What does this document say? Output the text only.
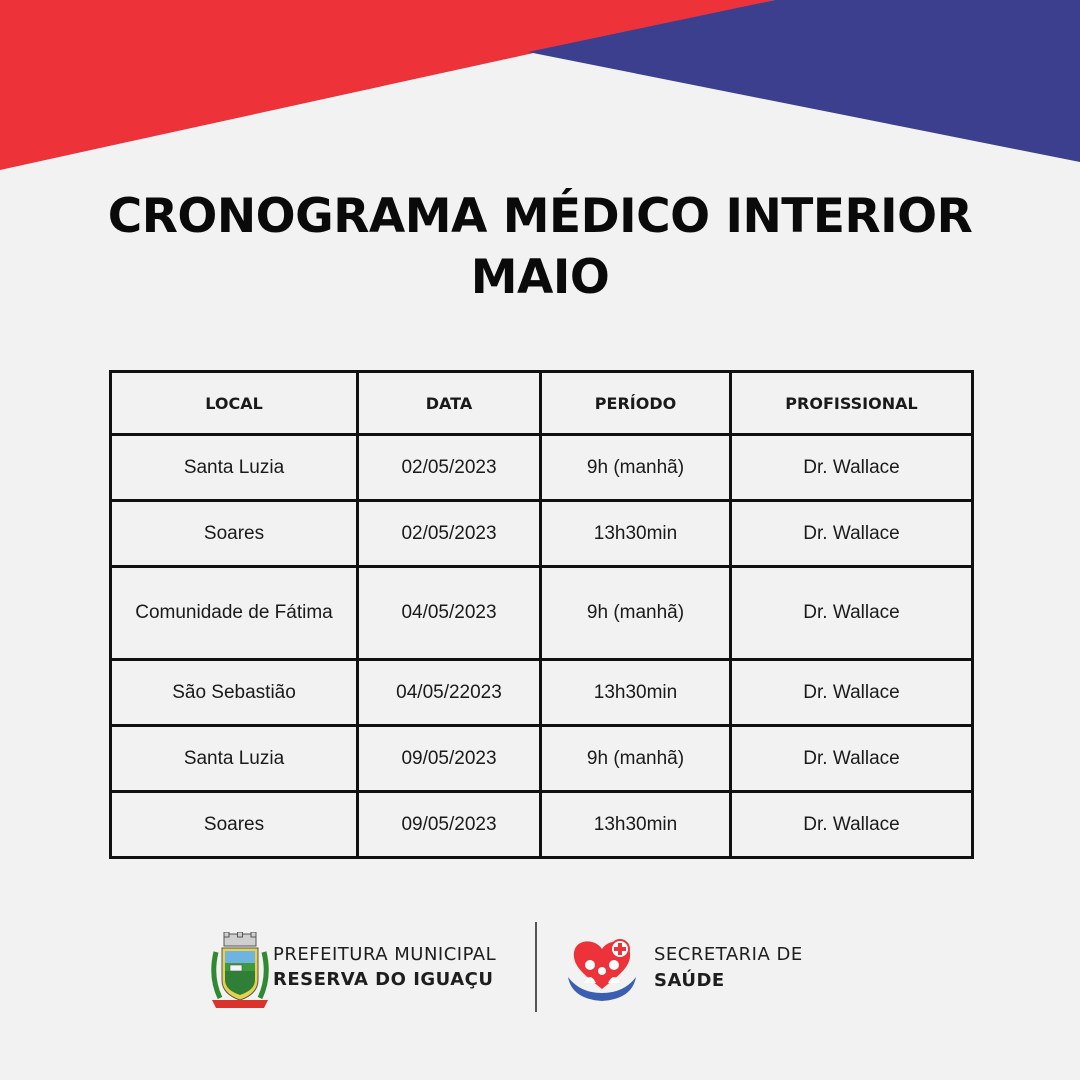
CRONOGRAMA MÉDICO INTERIOR
MAIO
LOCAL	DATA	PERÍODO	PROFISSIONAL
Santa Luzia	02/05/2023	9h (manhã)	Dr. Wallace
Soares	02/05/2023	13h30min	Dr. Wallace
Comunidade de Fátima	04/05/2023	9h (manhã)	Dr. Wallace
São Sebastião	04/05/22023	13h30min	Dr. Wallace
Santa Luzia	09/05/2023	9h (manhã)	Dr. Wallace
Soares	09/05/2023	13h30min	Dr. Wallace
PREFEITURA MUNICIPAL
RESERVA DO IGUAÇU
SECRETARIA DE
SAÚDE
